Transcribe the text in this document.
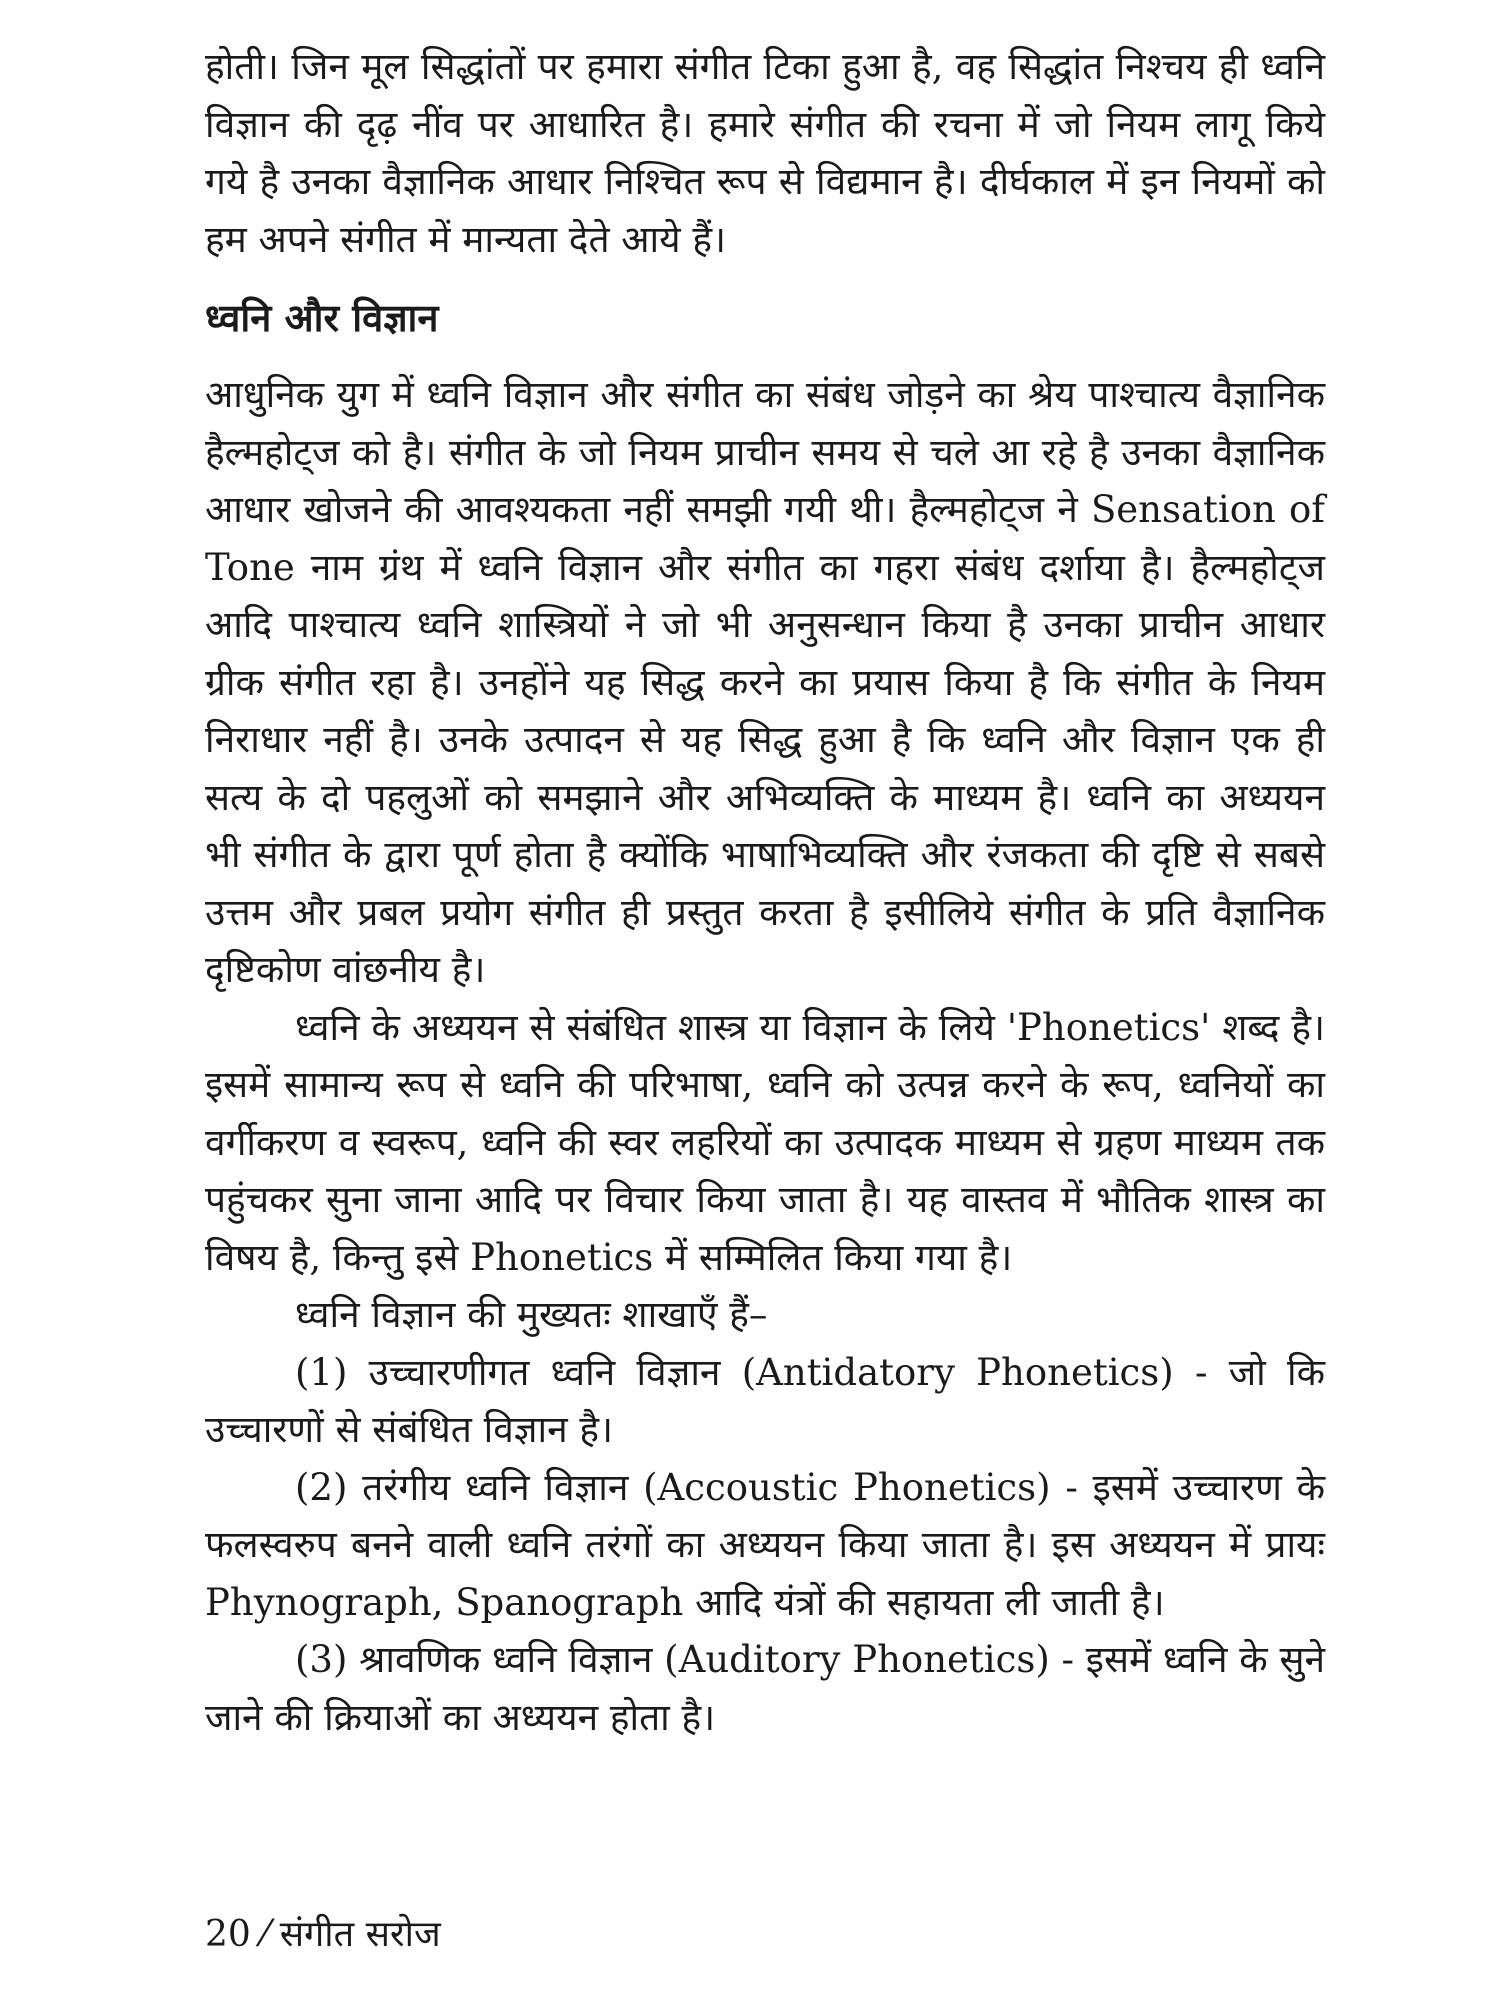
होती। जिन मूल सिद्धांतों पर हमारा संगीत टिका हुआ है, वह सिद्धांत निश्चय ही ध्वनि विज्ञान की दृढ़ नींव पर आधारित है। हमारे संगीत की रचना में जो नियम लागू किये गये है उनका वैज्ञानिक आधार निश्चित रूप से विद्यमान है। दीर्घकाल में इन नियमों को हम अपने संगीत में मान्यता देते आये हैं।

ध्वनि और विज्ञान

आधुनिक युग में ध्वनि विज्ञान और संगीत का संबंध जोड़ने का श्रेय पाश्चात्य वैज्ञानिक हैल्महोट्ज को है। संगीत के जो नियम प्राचीन समय से चले आ रहे है उनका वैज्ञानिक आधार खोजने की आवश्यकता नहीं समझी गयी थी। हैल्महोट्ज ने Sensation of Tone नाम ग्रंथ में ध्वनि विज्ञान और संगीत का गहरा संबंध दर्शाया है। हैल्महोट्ज आदि पाश्चात्य ध्वनि शास्त्रियों ने जो भी अनुसन्धान किया है उनका प्राचीन आधार ग्रीक संगीत रहा है। उनहोंने यह सिद्ध करने का प्रयास किया है कि संगीत के नियम निराधार नहीं है। उनके उत्पादन से यह सिद्ध हुआ है कि ध्वनि और विज्ञान एक ही सत्य के दो पहलुओं को समझाने और अभिव्यक्ति के माध्यम है। ध्वनि का अध्ययन भी संगीत के द्वारा पूर्ण होता है क्योंकि भाषाभिव्यक्ति और रंजकता की दृष्टि से सबसे उत्तम और प्रबल प्रयोग संगीत ही प्रस्तुत करता है इसीलिये संगीत के प्रति वैज्ञानिक दृष्टिकोण वांछनीय है।

ध्वनि के अध्ययन से संबंधित शास्त्र या विज्ञान के लिये 'Phonetics' शब्द है। इसमें सामान्य रूप से ध्वनि की परिभाषा, ध्वनि को उत्पन्न करने के रूप, ध्वनियों का वर्गीकरण व स्वरूप, ध्वनि की स्वर लहरियों का उत्पादक माध्यम से ग्रहण माध्यम तक पहुंचकर सुना जाना आदि पर विचार किया जाता है। यह वास्तव में भौतिक शास्त्र का विषय है, किन्तु इसे Phonetics में सम्मिलित किया गया है।

ध्वनि विज्ञान की मुख्यतः शाखाएँ हैं–

(1) उच्चारणीगत ध्वनि विज्ञान (Antidatory Phonetics) - जो कि उच्चारणों से संबंधित विज्ञान है।

(2) तरंगीय ध्वनि विज्ञान (Accoustic Phonetics) - इसमें उच्चारण के फलस्वरुप बनने वाली ध्वनि तरंगों का अध्ययन किया जाता है। इस अध्ययन में प्रायः Phynograph, Spanograph आदि यंत्रों की सहायता ली जाती है।

(3) श्रावणिक ध्वनि विज्ञान (Auditory Phonetics) - इसमें ध्वनि के सुने जाने की क्रियाओं का अध्ययन होता है।

20 ⁄ संगीत सरोज
